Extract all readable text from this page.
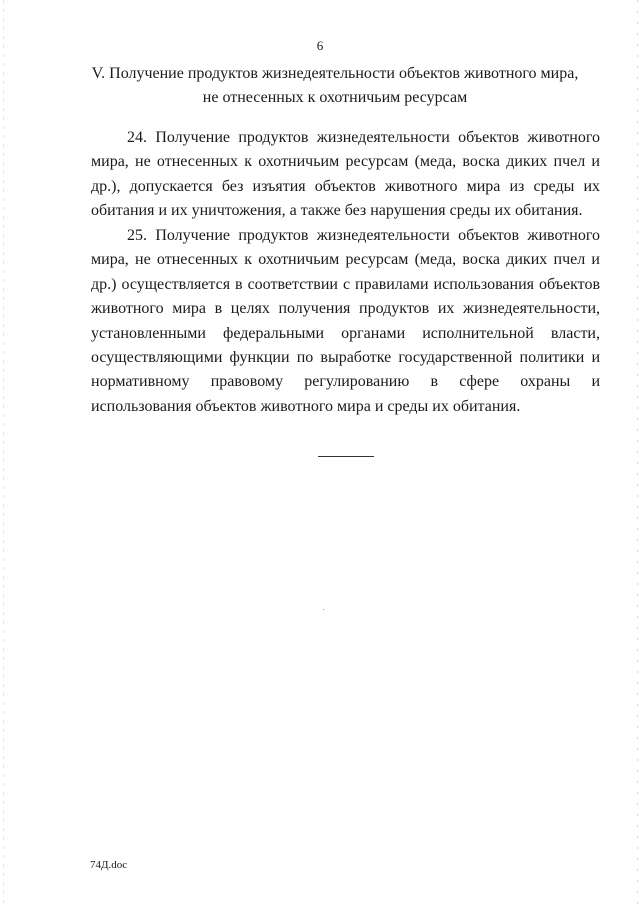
6
V. Получение продуктов жизнедеятельности объектов животного мира,
не отнесенных к охотничьим ресурсам
24. Получение продуктов жизнедеятельности объектов животного
мира, не отнесенных к охотничьим ресурсам (меда, воска диких пчел и
др.), допускается без изъятия объектов животного мира из среды их
обитания и их уничтожения, а также без нарушения среды их обитания.
25. Получение продуктов жизнедеятельности объектов животного
мира, не отнесенных к охотничьим ресурсам (меда, воска диких пчел и
др.) осуществляется в соответствии с правилами использования объектов
животного мира в целях получения продуктов их жизнедеятельности,
установленными федеральными органами исполнительной власти,
осуществляющими функции по выработке государственной политики и
нормативному правовому регулированию в сфере охраны и
использования объектов животного мира и среды их обитания.
74Д.doc
